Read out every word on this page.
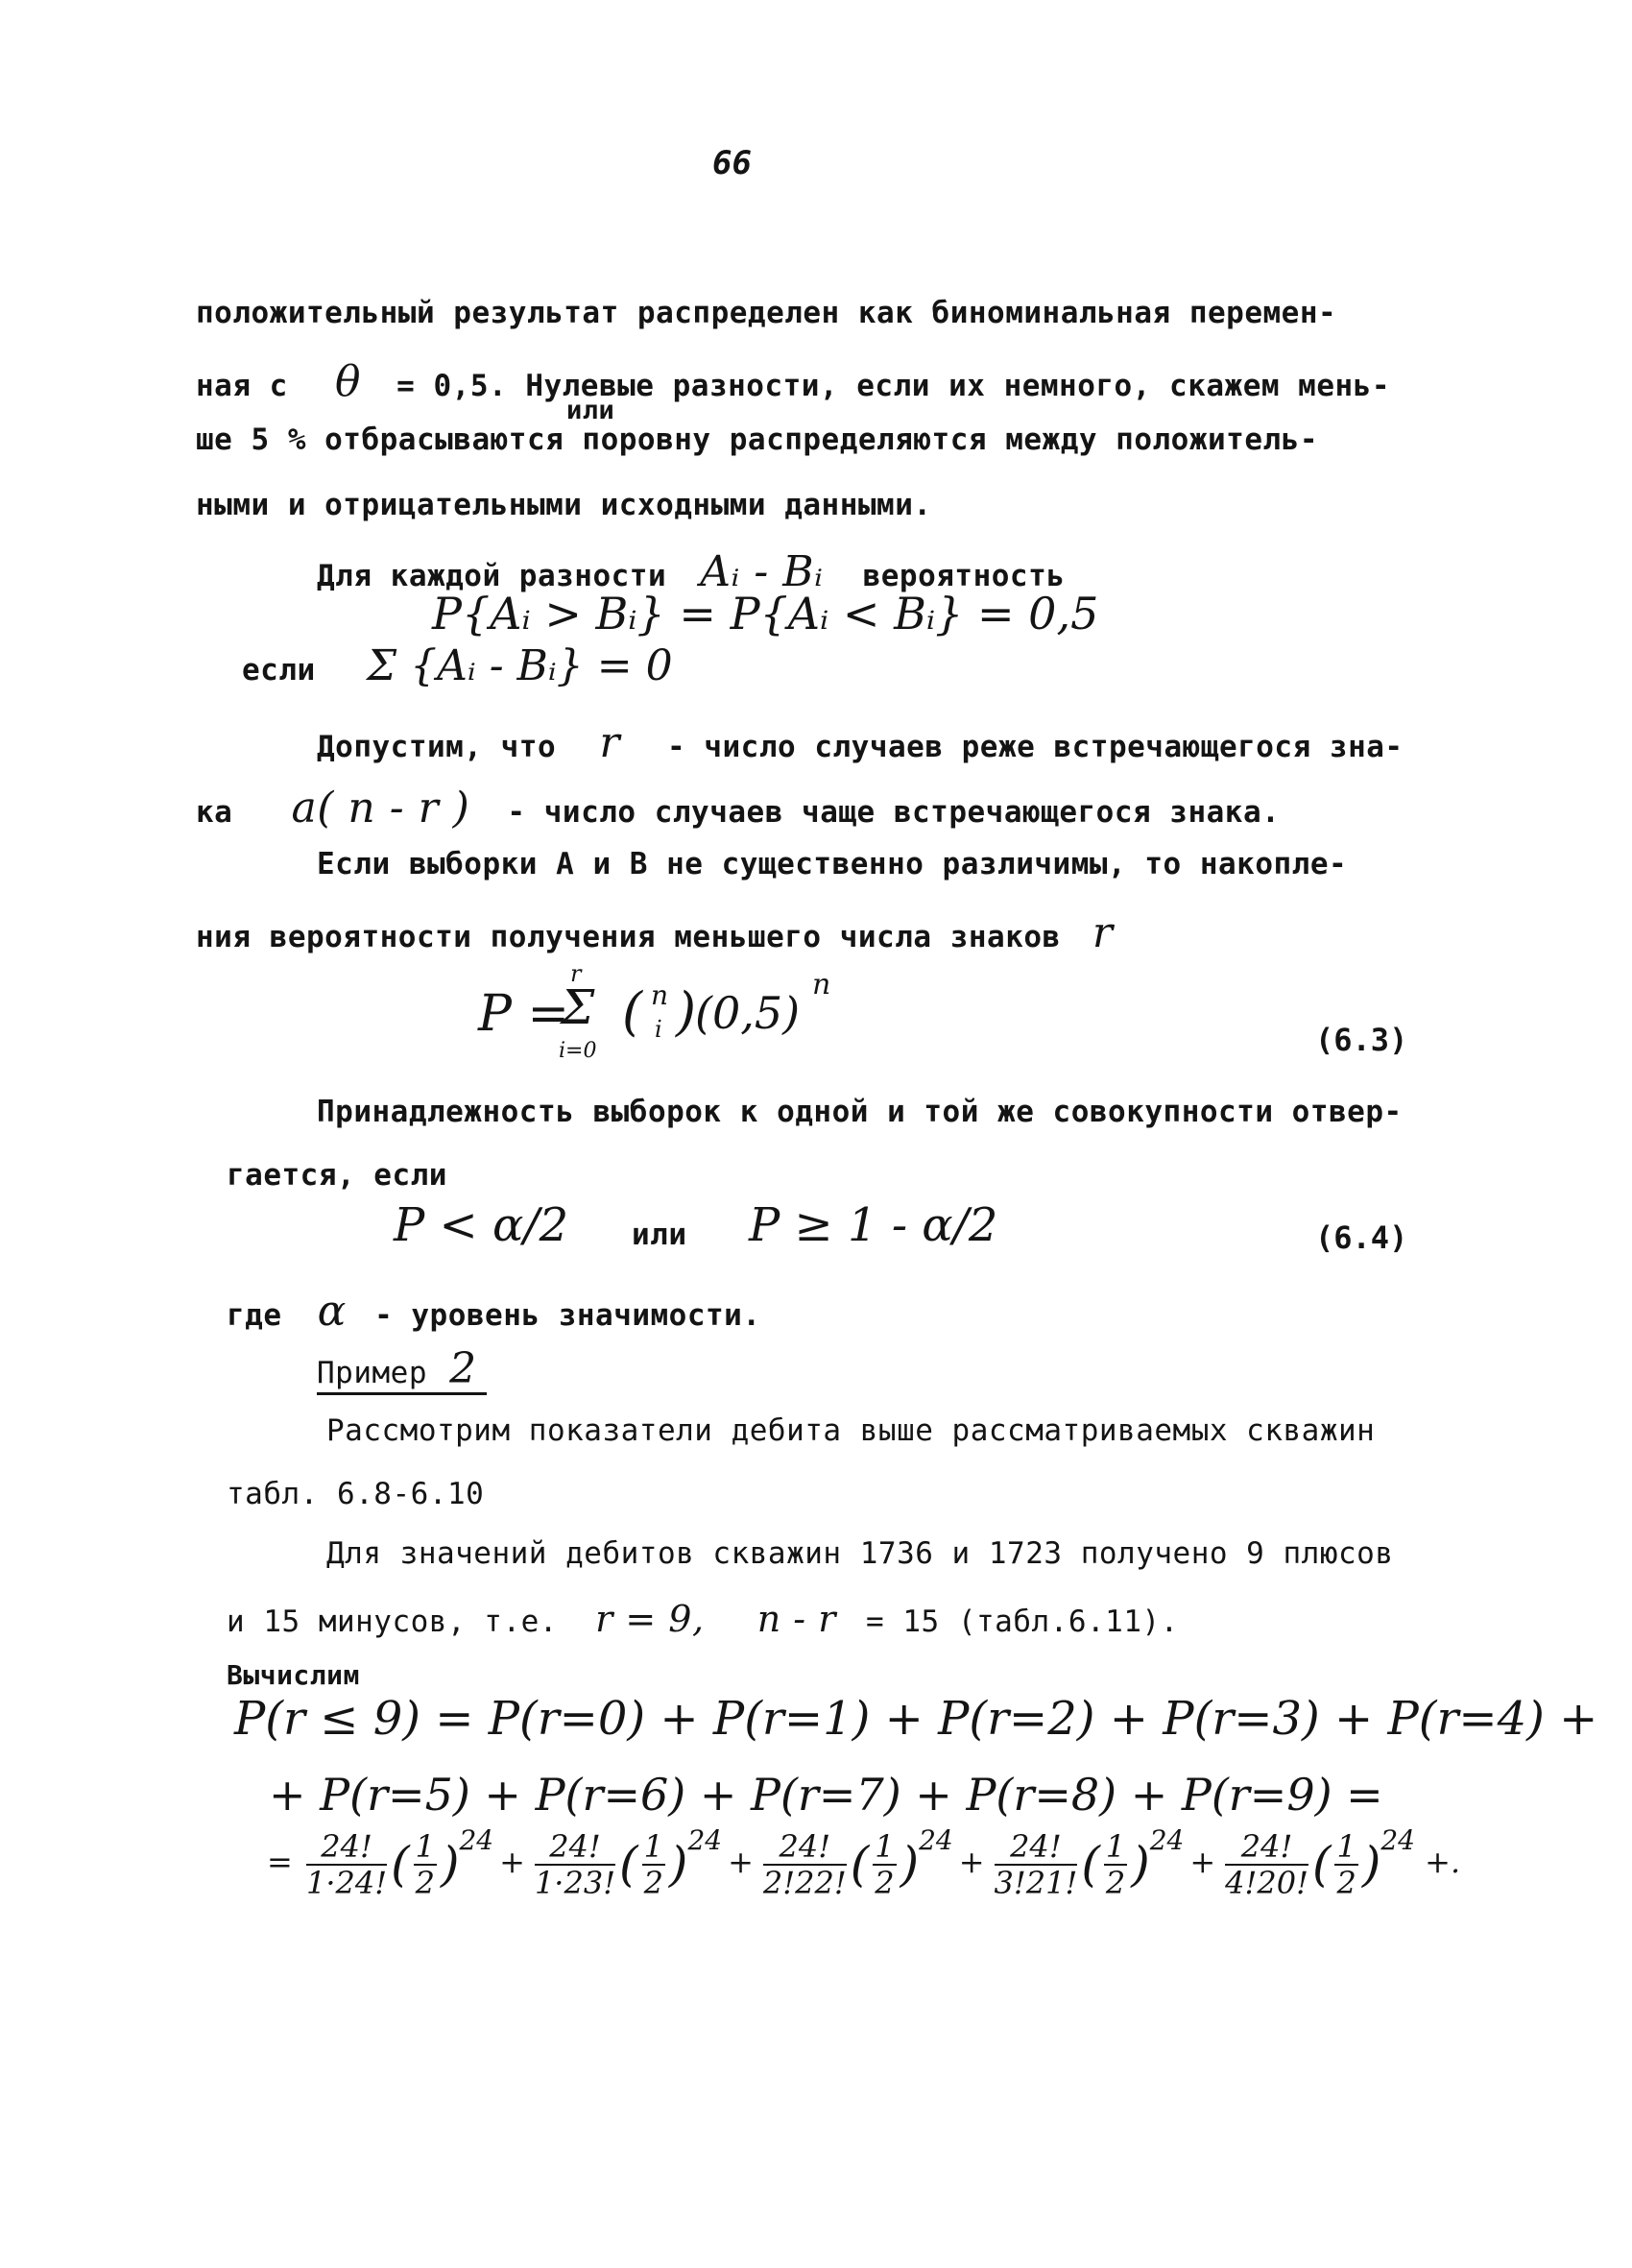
66
положительный результат распределен как биноминальная перемен-
ная с θ = 0,5. Нулевые разности, если их немного, скажем мень-
или
ше 5 % отбрасываются поровну распределяются между положитель-
ными и отрицательными исходными данными.
Для каждой разности Aᵢ - Bᵢ вероятность
P{Aᵢ > Bᵢ} = P{Aᵢ < Bᵢ} = 0,5
если Σ {Aᵢ - Bᵢ} = 0
Допустим, что r - число случаев реже встречающегося зна-
ка a( n - r ) - число случаев чаще встречающегося знака.
Если выборки A и B не существенно различимы, то накопле-
ния вероятности получения меньшего числа знаков r
P =
r
Σ
i=0
( n
i )
(0,5)
n
(6.3)
Принадлежность выборок к одной и той же совокупности отвер-
гается, если
P < α/2 или P ≥ 1 - α/2	(6.4)
где α - уровень значимости.
Пример 2
Рассмотрим показатели дебита выше рассматриваемых скважин
табл. 6.8-6.10
Для значений дебитов скважин 1736 и 1723 получено 9 плюсов
и 15 минусов, т.е. r = 9, n - r = 15 (табл.6.11).
Вычислим
P(r ≤ 9) = P(r=0) + P(r=1) + P(r=2) + P(r=3) + P(r=4) +
+ P(r=5) + P(r=6) + P(r=7) + P(r=8) + P(r=9) =
= $\frac{24!}{1\cdot 24!}$ ( $\frac{1}{2} )24+ \frac{24!}{1\cdot 23!}$ ( $\frac{1}{2} )24+ \frac{24!}{2!22!}$ ( $\frac{1}{2} )24+ \frac{24!}{3!21!}$ ( $\frac{1}{2} )24+ \frac{24!}{4!20!}$ ( $\frac{1}{2} )24$ +.
